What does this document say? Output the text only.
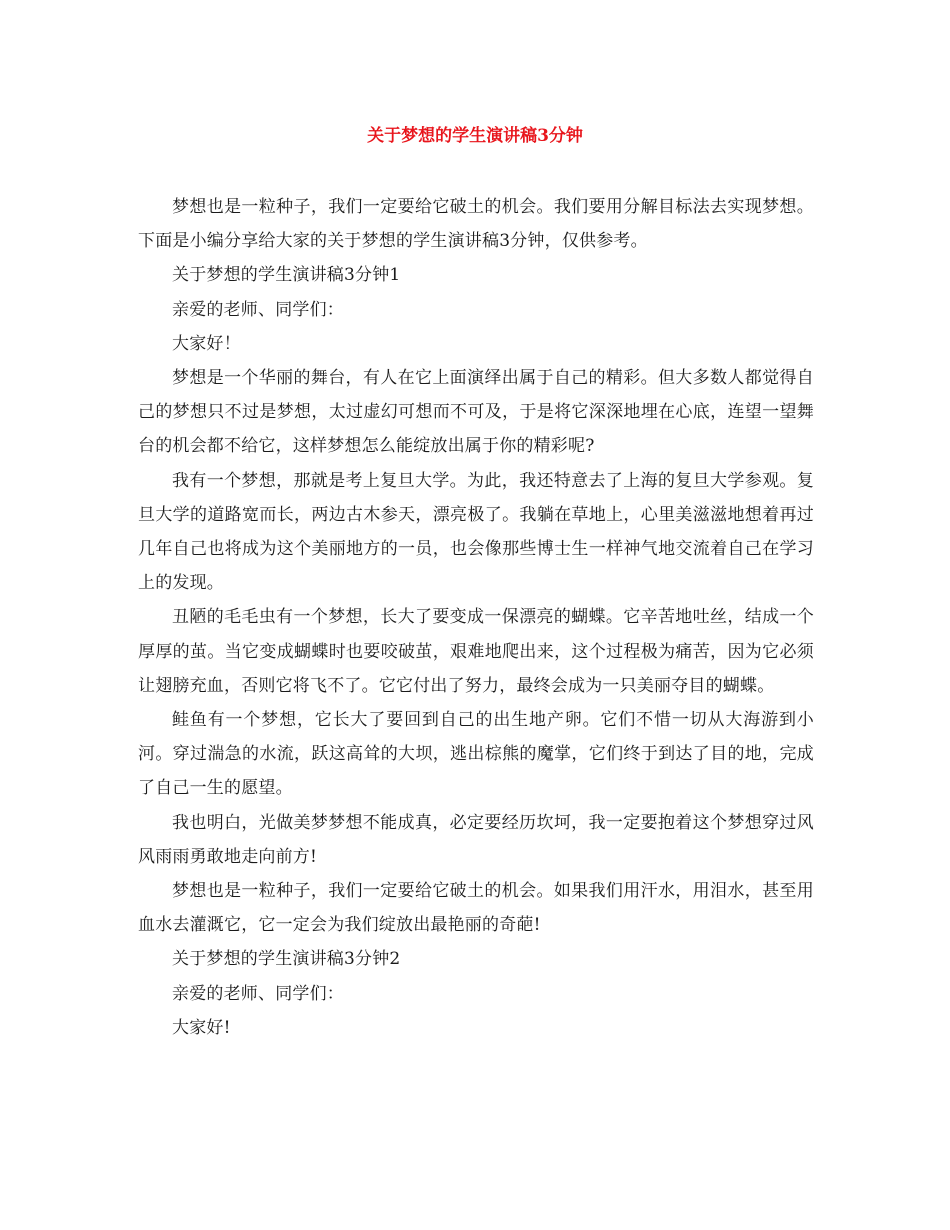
关于梦想的学生演讲稿3分钟

梦想也是一粒种子，我们一定要给它破土的机会。我们要用分解目标法去实现梦想。下面是小编分享给大家的关于梦想的学生演讲稿3分钟，仅供参考。

关于梦想的学生演讲稿3分钟1

亲爱的老师、同学们：

大家好！

梦想是一个华丽的舞台，有人在它上面演绎出属于自己的精彩。但大多数人都觉得自己的梦想只不过是梦想，太过虚幻可想而不可及，于是将它深深地埋在心底，连望一望舞台的机会都不给它，这样梦想怎么能绽放出属于你的精彩呢?

我有一个梦想，那就是考上复旦大学。为此，我还特意去了上海的复旦大学参观。复旦大学的道路宽而长，两边古木参天，漂亮极了。我躺在草地上，心里美滋滋地想着再过几年自己也将成为这个美丽地方的一员，也会像那些博士生一样神气地交流着自己在学习上的发现。

丑陋的毛毛虫有一个梦想，长大了要变成一保漂亮的蝴蝶。它辛苦地吐丝，结成一个厚厚的茧。当它变成蝴蝶时也要咬破茧，艰难地爬出来，这个过程极为痛苦，因为它必须让翅膀充血，否则它将飞不了。它它付出了努力，最终会成为一只美丽夺目的蝴蝶。

鲑鱼有一个梦想，它长大了要回到自己的出生地产卵。它们不惜一切从大海游到小河。穿过湍急的水流，跃这高耸的大坝，逃出棕熊的魔掌，它们终于到达了目的地，完成了自己一生的愿望。

我也明白，光做美梦梦想不能成真，必定要经历坎坷，我一定要抱着这个梦想穿过风风雨雨勇敢地走向前方!

梦想也是一粒种子，我们一定要给它破土的机会。如果我们用汗水，用泪水，甚至用血水去灌溉它，它一定会为我们绽放出最艳丽的奇葩!

关于梦想的学生演讲稿3分钟2

亲爱的老师、同学们：

大家好!
